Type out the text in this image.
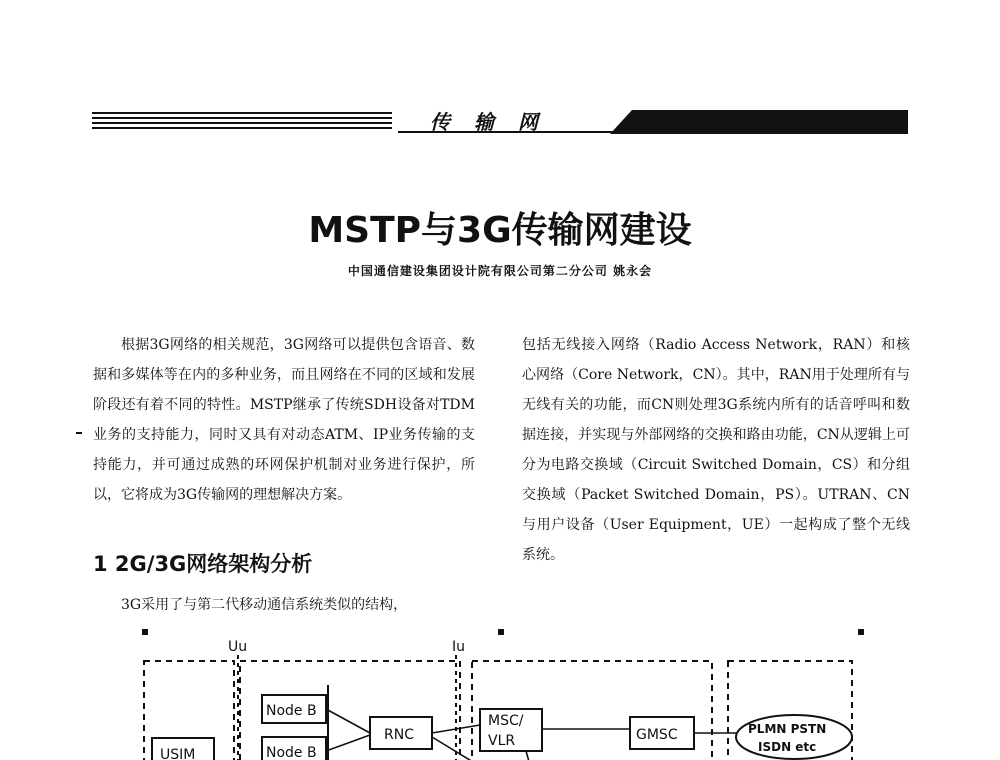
传输网
MSTP与3G传输网建设
中国通信建设集团设计院有限公司第二分公司 姚永会

根据3G网络的相关规范，3G网络可以提供包含语音、数据和多媒体等在内的多种业务，而且网络在不同的区域和发展阶段还有着不同的特性。MSTP继承了传统SDH设备对TDM业务的支持能力，同时又具有对动态ATM、IP业务传输的支持能力，并可通过成熟的环网保护机制对业务进行保护，所以，它将成为3G传输网的理想解决方案。

1 2G/3G网络架构分析
3G采用了与第二代移动通信系统类似的结构，

包括无线接入网络（Radio Access Network，RAN）和核心网络（Core Network，CN）。其中，RAN用于处理所有与无线有关的功能，而CN则处理3G系统内所有的话音呼叫和数据连接，并实现与外部网络的交换和路由功能，CN从逻辑上可分为电路交换域（Circuit Switched Domain，CS）和分组交换域（Packet Switched Domain，PS）。UTRAN、CN与用户设备（User Equipment，UE）一起构成了整个无线系统。

Uu	Iu
USIM
Node B
Node B
RNC
MSC/
VLR	GMSC	PLMN PSTN
ISDN etc
